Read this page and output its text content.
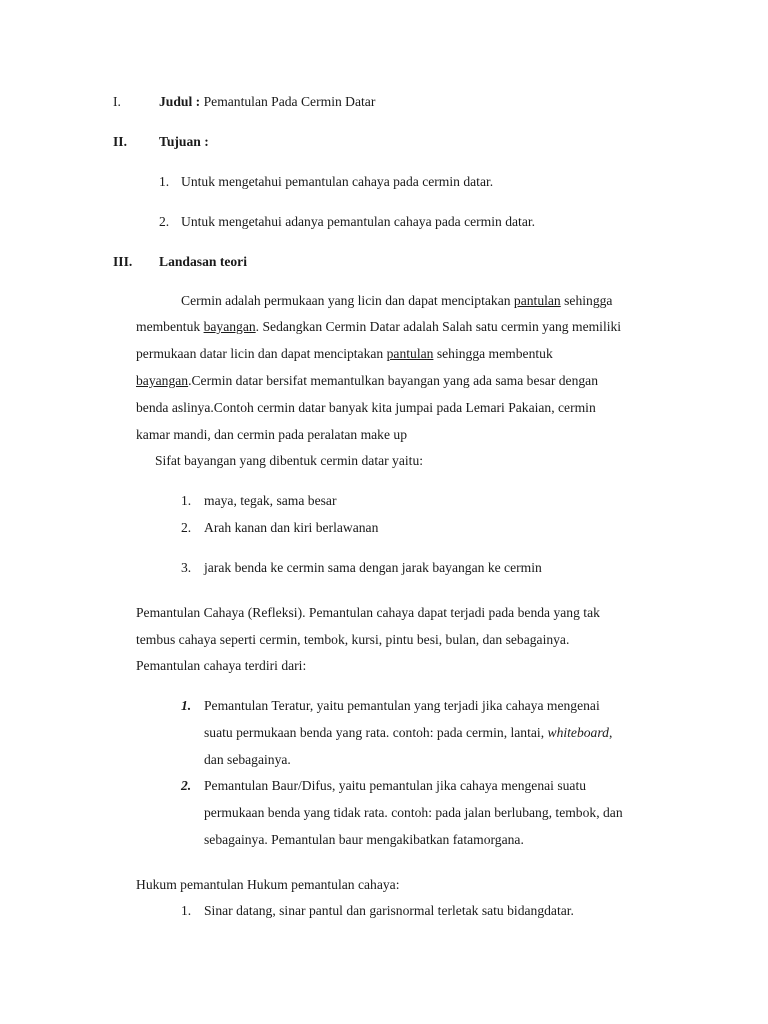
I.	Judul : Pemantulan Pada Cermin Datar
II. Tujuan :
1. Untuk mengetahui pemantulan cahaya pada cermin datar.
2. Untuk mengetahui adanya pemantulan cahaya pada cermin datar.
III. Landasan teori
Cermin adalah permukaan yang licin dan dapat menciptakan pantulan sehingga
membentuk bayangan. Sedangkan Cermin Datar adalah Salah satu cermin yang memiliki
permukaan datar licin dan dapat menciptakan pantulan sehingga membentuk
bayangan.Cermin datar bersifat memantulkan bayangan yang ada sama besar dengan
benda aslinya.Contoh cermin datar banyak kita jumpai pada Lemari Pakaian, cermin
kamar mandi, dan cermin pada peralatan make up
Sifat bayangan yang dibentuk cermin datar yaitu:
1. maya, tegak, sama besar
2. Arah kanan dan kiri berlawanan
3. jarak benda ke cermin sama dengan jarak bayangan ke cermin
Pemantulan Cahaya (Refleksi). Pemantulan cahaya dapat terjadi pada benda yang tak
tembus cahaya seperti cermin, tembok, kursi, pintu besi, bulan, dan sebagainya.
Pemantulan cahaya terdiri dari:
1. Pemantulan Teratur, yaitu pemantulan yang terjadi jika cahaya mengenai
suatu permukaan benda yang rata. contoh: pada cermin, lantai, whiteboard,
dan sebagainya.
2. Pemantulan Baur/Difus, yaitu pemantulan jika cahaya mengenai suatu
permukaan benda yang tidak rata. contoh: pada jalan berlubang, tembok, dan
sebagainya. Pemantulan baur mengakibatkan fatamorgana.
Hukum pemantulan Hukum pemantulan cahaya:
1. Sinar datang, sinar pantul dan garisnormal terletak satu bidangdatar.
